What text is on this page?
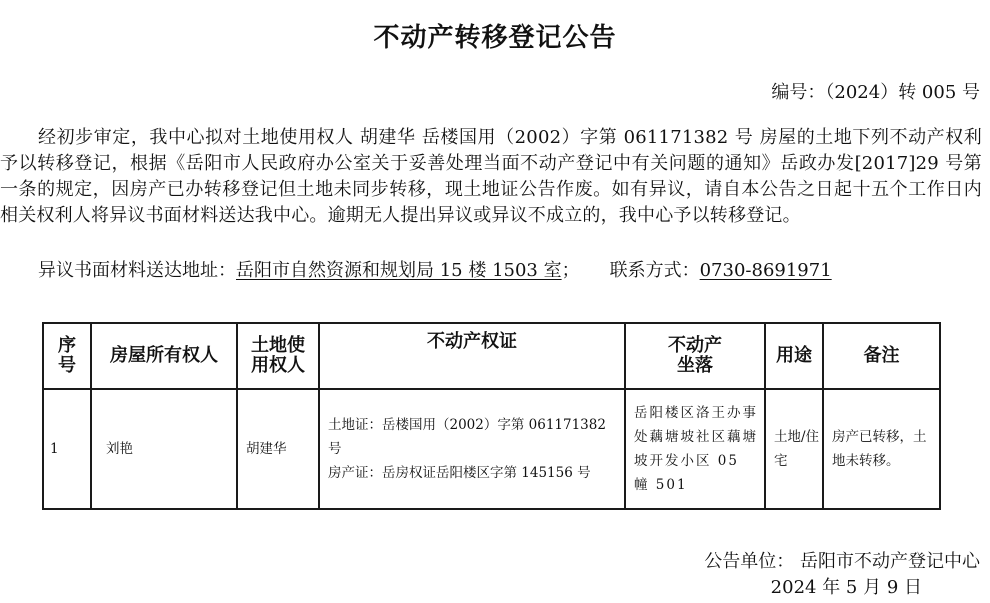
不动产转移登记公告
编号：（2024）转 005 号
经初步审定，我中心拟对土地使用权人 胡建华 岳楼国用（2002）字第 061171382 号 房屋的土地下列不动产权利予以转移登记，根据《岳阳市人民政府办公室关于妥善处理当面不动产登记中有关问题的通知》岳政办发[2017]29 号第一条的规定，因房产已办转移登记但土地未同步转移，现土地证公告作废。如有异议，请自本公告之日起十五个工作日内相关权利人将异议书面材料送达我中心。逾期无人提出异议或异议不成立的，我中心予以转移登记。
异议书面材料送达地址：岳阳市自然资源和规划局 15 楼 1503 室； 联系方式：0730-8691971
序号	房屋所有权人	土地使用权人	不动产权证	不动产坐落	用途	备注
1	刘艳	胡建华	土地证：岳楼国用（2002）字第 061171382 号
房产证：岳房权证岳阳楼区字第 145156 号	岳阳楼区洛王办事处藕塘坡社区藕塘坡开发小区 05 幢 501	土地/住宅	房产已转移，土地未转移。
公告单位： 岳阳市不动产登记中心
2024 年 5 月 9 日
